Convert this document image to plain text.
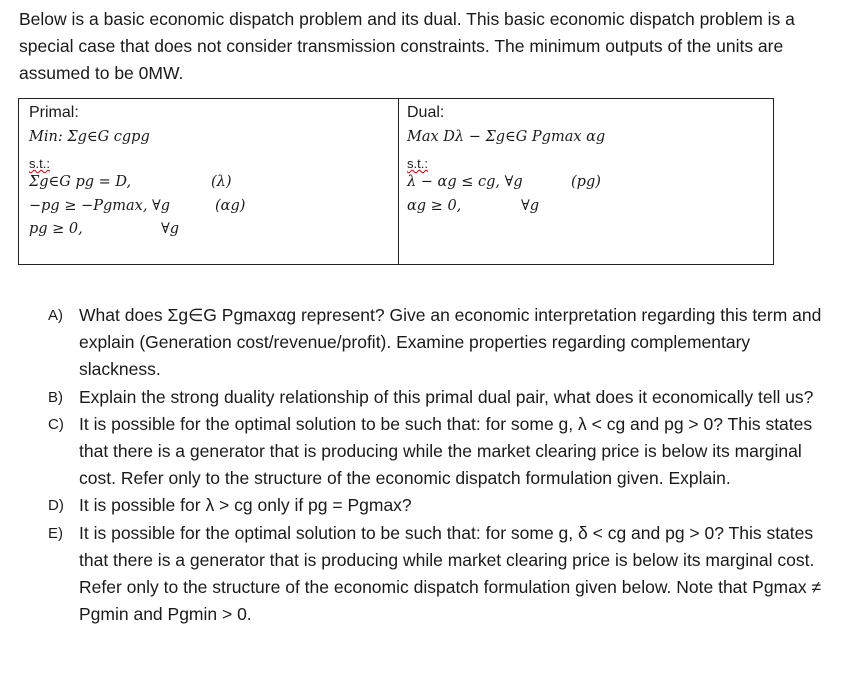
Below is a basic economic dispatch problem and its dual. This basic economic dispatch problem is a special case that does not consider transmission constraints. The minimum outputs of the units are assumed to be 0MW.

Primal:
Min: Σg∈G cgpg
s.t.:
Σg∈G pg = D,	(λ)
−pg ≥ −Pgmax, ∀g	(αg)
pg ≥ 0,	∀g
Dual:
Max Dλ − Σg∈G Pgmax αg
s.t.:
λ − αg ≤ cg, ∀g	(pg)
αg ≥ 0,	∀g
A) What does Σg∈G Pgmaxαg represent? Give an economic interpretation regarding this term and explain (Generation cost/revenue/profit). Examine properties regarding complementary slackness.
B) Explain the strong duality relationship of this primal dual pair, what does it economically tell us?
C) It is possible for the optimal solution to be such that: for some g, λ < cg and pg > 0? This states that there is a generator that is producing while the market clearing price is below its marginal cost. Refer only to the structure of the economic dispatch formulation given. Explain.
D) It is possible for λ > cg only if pg = Pgmax?
E) It is possible for the optimal solution to be such that: for some g, δ < cg and pg > 0? This states that there is a generator that is producing while market clearing price is below its marginal cost. Refer only to the structure of the economic dispatch formulation given below. Note that Pgmax ≠ Pgmin and Pgmin > 0.
